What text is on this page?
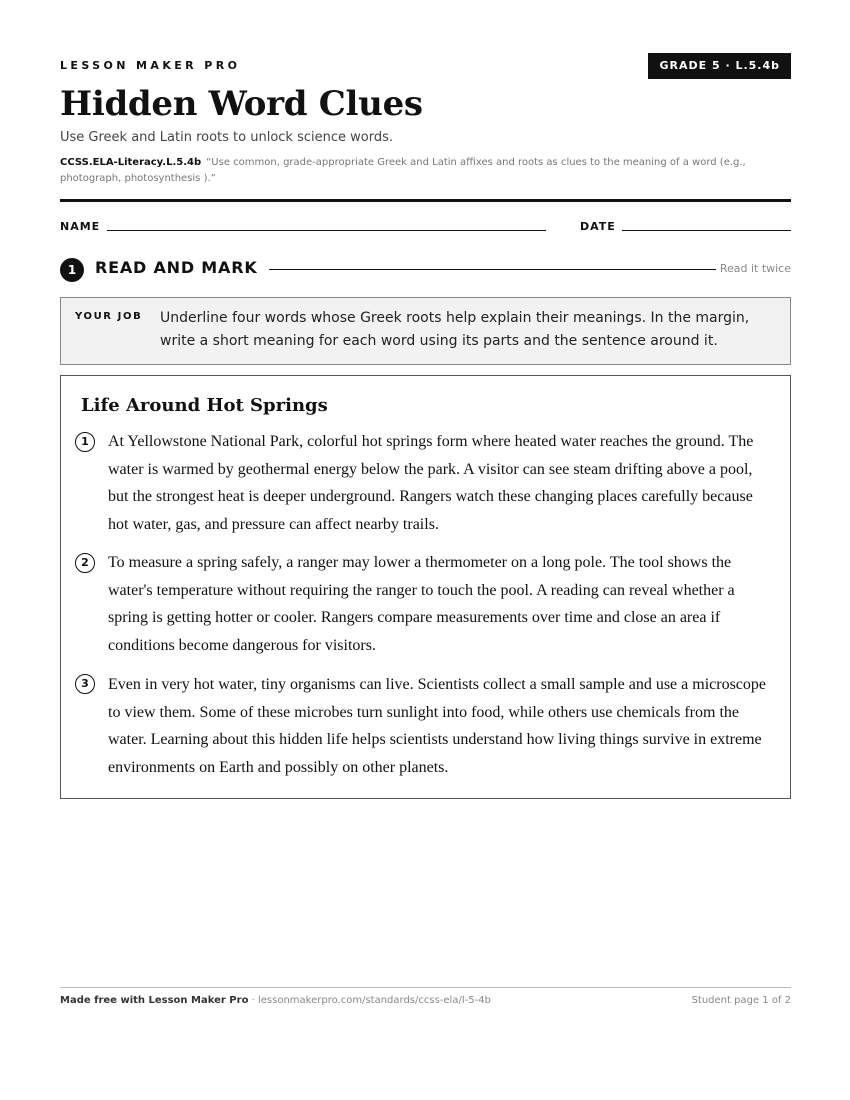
LESSON MAKER PRO	GRADE 5 · L.5.4b
Hidden Word Clues
Use Greek and Latin roots to unlock science words.
CCSS.ELA-Literacy.L.5.4b “Use common, grade-appropriate Greek and Latin affixes and roots as clues to the meaning of a word (e.g., photograph, photosynthesis ).”
NAME	DATE
1	READ AND MARK	Read it twice
YOUR JOB Underline four words whose Greek roots help explain their meanings. In the margin, write a short meaning for each word using its parts and the sentence around it.
Life Around Hot Springs
1	At Yellowstone National Park, colorful hot springs form where heated water reaches the ground. The water is warmed by geothermal energy below the park. A visitor can see steam drifting above a pool, but the strongest heat is deeper underground. Rangers watch these changing places carefully because hot water, gas, and pressure can affect nearby trails.

2	To measure a spring safely, a ranger may lower a thermometer on a long pole. The tool shows the water's temperature without requiring the ranger to touch the pool. A reading can reveal whether a spring is getting hotter or cooler. Rangers compare measurements over time and close an area if conditions become dangerous for visitors.

3	Even in very hot water, tiny organisms can live. Scientists collect a small sample and use a microscope to view them. Some of these microbes turn sunlight into food, while others use chemicals from the water. Learning about this hidden life helps scientists understand how living things survive in extreme environments on Earth and possibly on other planets.

Made free with Lesson Maker Pro · lessonmakerpro.com/standards/ccss-ela/l-5-4b	Student page 1 of 2
